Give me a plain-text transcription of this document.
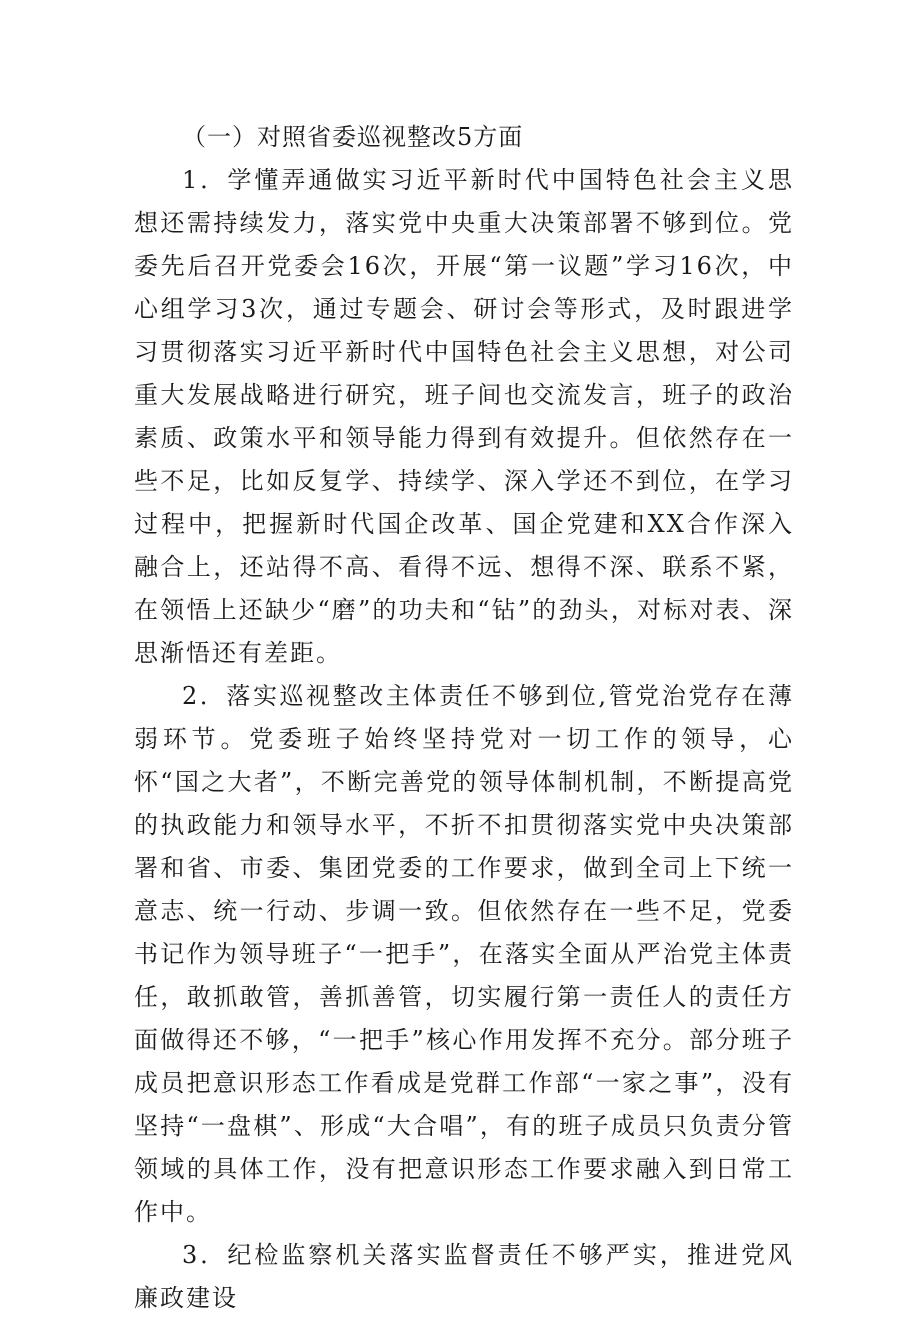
（一）对照省委巡视整改5方面

1．学懂弄通做实习近平新时代中国特色社会主义思想还需持续发力，落实党中央重大决策部署不够到位。党委先后召开党委会16次，开展“第一议题”学习16次，中心组学习3次，通过专题会、研讨会等形式，及时跟进学习贯彻落实习近平新时代中国特色社会主义思想，对公司重大发展战略进行研究，班子间也交流发言，班子的政治素质、政策水平和领导能力得到有效提升。但依然存在一些不足，比如反复学、持续学、深入学还不到位，在学习过程中，把握新时代国企改革、国企党建和XX合作深入融合上，还站得不高、看得不远、想得不深、联系不紧，在领悟上还缺少“磨”的功夫和“钻”的劲头，对标对表、深思渐悟还有差距。

2．落实巡视整改主体责任不够到位,管党治党存在薄弱环节。党委班子始终坚持党对一切工作的领导，心怀“国之大者”，不断完善党的领导体制机制，不断提高党的执政能力和领导水平，不折不扣贯彻落实党中央决策部署和省、市委、集团党委的工作要求，做到全司上下统一意志、统一行动、步调一致。但依然存在一些不足，党委书记作为领导班子“一把手”，在落实全面从严治党主体责任，敢抓敢管，善抓善管，切实履行第一责任人的责任方面做得还不够，“一把手”核心作用发挥不充分。部分班子成员把意识形态工作看成是党群工作部“一家之事”，没有坚持“一盘棋”、形成“大合唱”，有的班子成员只负责分管领域的具体工作，没有把意识形态工作要求融入到日常工作中。

3．纪检监察机关落实监督责任不够严实，推进党风廉政建设
